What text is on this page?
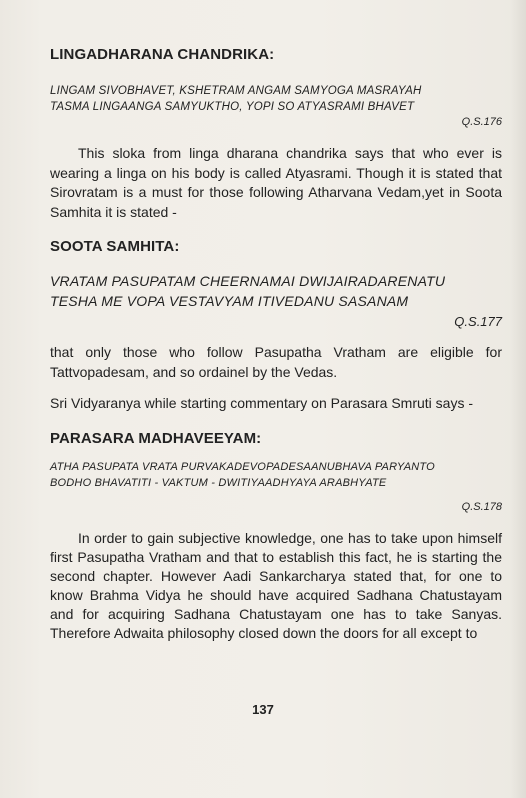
LINGADHARANA CHANDRIKA:

LINGAM SIVOBHAVET, KSHETRAM ANGAM SAMYOGA MASRAYAH

TASMA LINGAANGA SAMYUKTHO, YOPI SO ATYASRAMI BHAVET

Q.S.176

This sloka from linga dharana chandrika says that who ever is wearing a linga on his body is called Atyasrami. Though it is stated that Sirovratam is a must for those following Atharvana Vedam,yet in Soota Samhita it is stated -

SOOTA SAMHITA:

VRATAM PASUPATAM CHEERNAMAI DWIJAIRADARENATU

TESHA ME VOPA VESTAVYAM ITIVEDANU SASANAM

Q.S.177

that only those who follow Pasupatha Vratham are eligible for Tattvopadesam, and so ordainel by the Vedas.

Sri Vidyaranya while starting commentary on Parasara Smruti says -

PARASARA MADHAVEEYAM:

ATHA PASUPATA VRATA PURVAKADEVOPADESAANUBHAVA PARYANTO

BODHO BHAVATITI - VAKTUM - DWITIYAADHYAYA ARABHYATE

Q.S.178

In order to gain subjective knowledge, one has to take upon himself first Pasupatha Vratham and that to establish this fact, he is starting the second chapter. However Aadi Sankarcharya stated that, for one to know Brahma Vidya he should have acquired Sadhana Chatustayam and for acquiring Sadhana Chatustayam one has to take Sanyas. Therefore Adwaita philosophy closed down the doors for all except to

137
